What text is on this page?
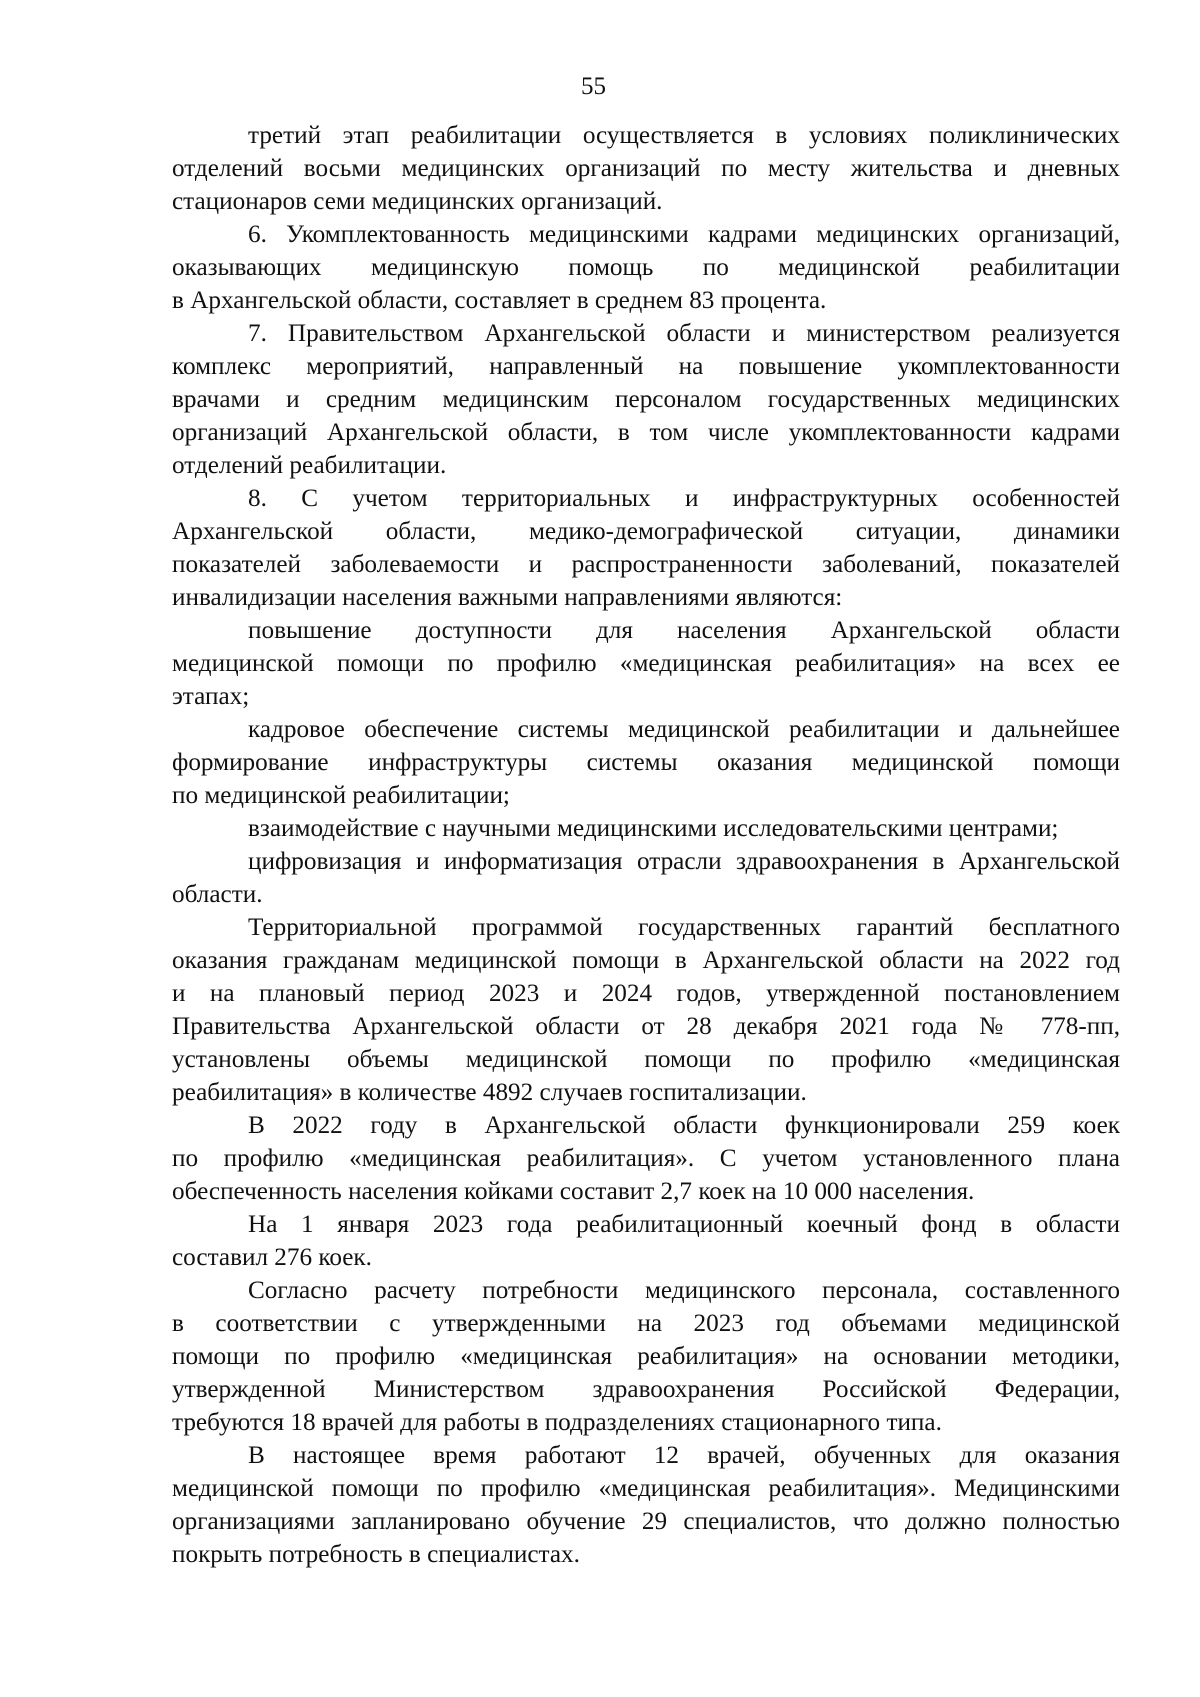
55
третий этап реабилитации осуществляется в условиях поликлинических
отделений восьми медицинских организаций по месту жительства и дневных
стационаров семи медицинских организаций.
6. Укомплектованность медицинскими кадрами медицинских организаций,
оказывающих медицинскую помощь по медицинской реабилитации
в Архангельской области, составляет в среднем 83 процента.
7. Правительством Архангельской области и министерством реализуется
комплекс мероприятий, направленный на повышение укомплектованности
врачами и средним медицинским персоналом государственных медицинских
организаций Архангельской области, в том числе укомплектованности кадрами
отделений реабилитации.
8. С учетом территориальных и инфраструктурных особенностей
Архангельской области, медико-демографической ситуации, динамики
показателей заболеваемости и распространенности заболеваний, показателей
инвалидизации населения важными направлениями являются:
повышение доступности для населения Архангельской области
медицинской помощи по профилю «медицинская реабилитация» на всех ее
этапах;
кадровое обеспечение системы медицинской реабилитации и дальнейшее
формирование инфраструктуры системы оказания медицинской помощи
по медицинской реабилитации;
взаимодействие с научными медицинскими исследовательскими центрами;
цифровизация и информатизация отрасли здравоохранения в Архангельской
области.
Территориальной программой государственных гарантий бесплатного
оказания гражданам медицинской помощи в Архангельской области на 2022 год
и на плановый период 2023 и 2024 годов, утвержденной постановлением
Правительства Архангельской области от 28 декабря 2021 года № 778-пп,
установлены объемы медицинской помощи по профилю «медицинская
реабилитация» в количестве 4892 случаев госпитализации.
В 2022 году в Архангельской области функционировали 259 коек
по профилю «медицинская реабилитация». С учетом установленного плана
обеспеченность населения койками составит 2,7 коек на 10 000 населения.
На 1 января 2023 года реабилитационный коечный фонд в области
составил 276 коек.
Согласно расчету потребности медицинского персонала, составленного
в соответствии с утвержденными на 2023 год объемами медицинской
помощи по профилю «медицинская реабилитация» на основании методики,
утвержденной Министерством здравоохранения Российской Федерации,
требуются 18 врачей для работы в подразделениях стационарного типа.
В настоящее время работают 12 врачей, обученных для оказания
медицинской помощи по профилю «медицинская реабилитация». Медицинскими
организациями запланировано обучение 29 специалистов, что должно полностью
покрыть потребность в специалистах.
